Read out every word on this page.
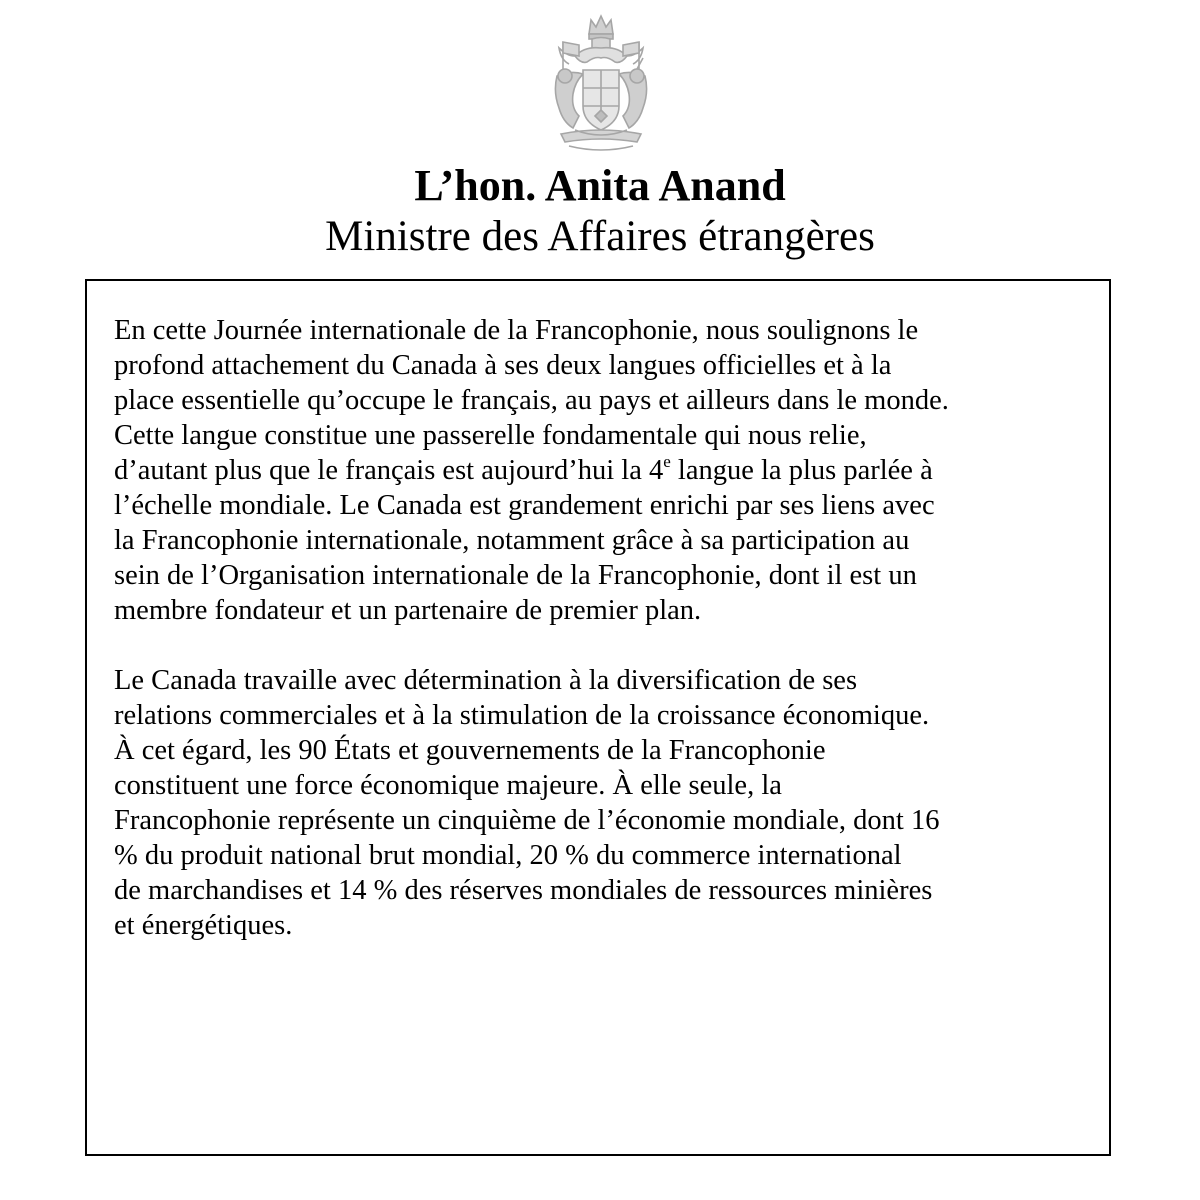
L’hon. Anita Anand

Ministre des Affaires étrangères

En cette Journée internationale de la Francophonie, nous soulignons le
profond attachement du Canada à ses deux langues officielles et à la
place essentielle qu’occupe le français, au pays et ailleurs dans le monde.
Cette langue constitue une passerelle fondamentale qui nous relie,
d’autant plus que le français est aujourd’hui la 4e langue la plus parlée à
l’échelle mondiale. Le Canada est grandement enrichi par ses liens avec
la Francophonie internationale, notamment grâce à sa participation au
sein de l’Organisation internationale de la Francophonie, dont il est un
membre fondateur et un partenaire de premier plan.
Le Canada travaille avec détermination à la diversification de ses
relations commerciales et à la stimulation de la croissance économique.
À cet égard, les 90 États et gouvernements de la Francophonie
constituent une force économique majeure. À elle seule, la
Francophonie représente un cinquième de l’économie mondiale, dont 16
% du produit national brut mondial, 20 % du commerce international
de marchandises et 14 % des réserves mondiales de ressources minières
et énergétiques.
